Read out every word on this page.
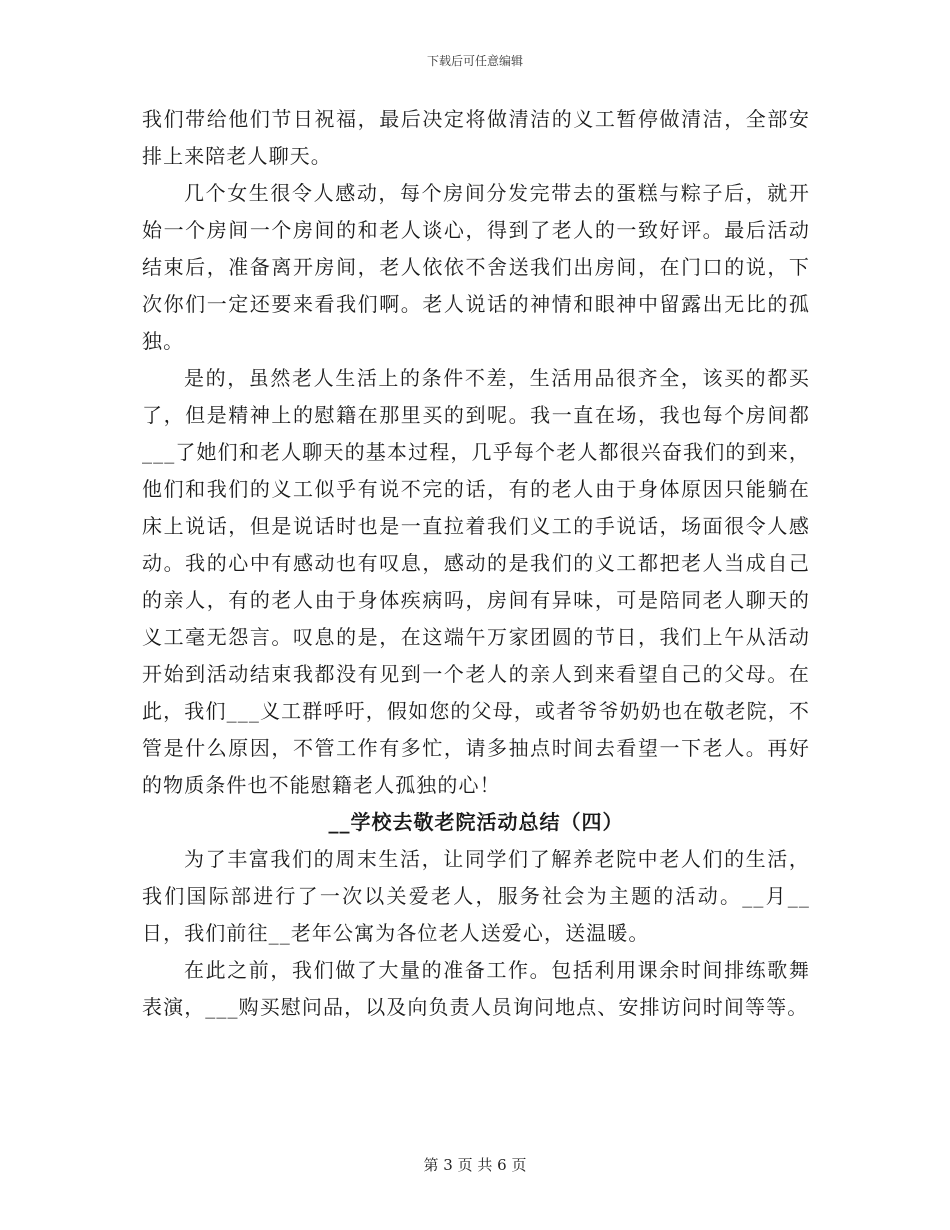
下载后可任意编辑

我们带给他们节日祝福，最后决定将做清洁的义工暂停做清洁，全部安排上来陪老人聊天。

几个女生很令人感动，每个房间分发完带去的蛋糕与粽子后，就开始一个房间一个房间的和老人谈心，得到了老人的一致好评。最后活动结束后，准备离开房间，老人依依不舍送我们出房间，在门口的说，下次你们一定还要来看我们啊。老人说话的神情和眼神中留露出无比的孤独。

是的，虽然老人生活上的条件不差，生活用品很齐全，该买的都买了，但是精神上的慰籍在那里买的到呢。我一直在场，我也每个房间都___了她们和老人聊天的基本过程，几乎每个老人都很兴奋我们的到来，他们和我们的义工似乎有说不完的话，有的老人由于身体原因只能躺在床上说话，但是说话时也是一直拉着我们义工的手说话，场面很令人感动。我的心中有感动也有叹息，感动的是我们的义工都把老人当成自己的亲人，有的老人由于身体疾病吗，房间有异味，可是陪同老人聊天的义工毫无怨言。叹息的是，在这端午万家团圆的节日，我们上午从活动开始到活动结束我都没有见到一个老人的亲人到来看望自己的父母。在此，我们___义工群呼吁，假如您的父母，或者爷爷奶奶也在敬老院，不管是什么原因，不管工作有多忙，请多抽点时间去看望一下老人。再好的物质条件也不能慰籍老人孤独的心！

__学校去敬老院活动总结（四）

为了丰富我们的周末生活，让同学们了解养老院中老人们的生活，我们国际部进行了一次以关爱老人，服务社会为主题的活动。__月__日，我们前往__老年公寓为各位老人送爱心，送温暖。

在此之前，我们做了大量的准备工作。包括利用课余时间排练歌舞表演，___购买慰问品，以及向负责人员询问地点、安排访问时间等等。

第 3 页 共 6 页
